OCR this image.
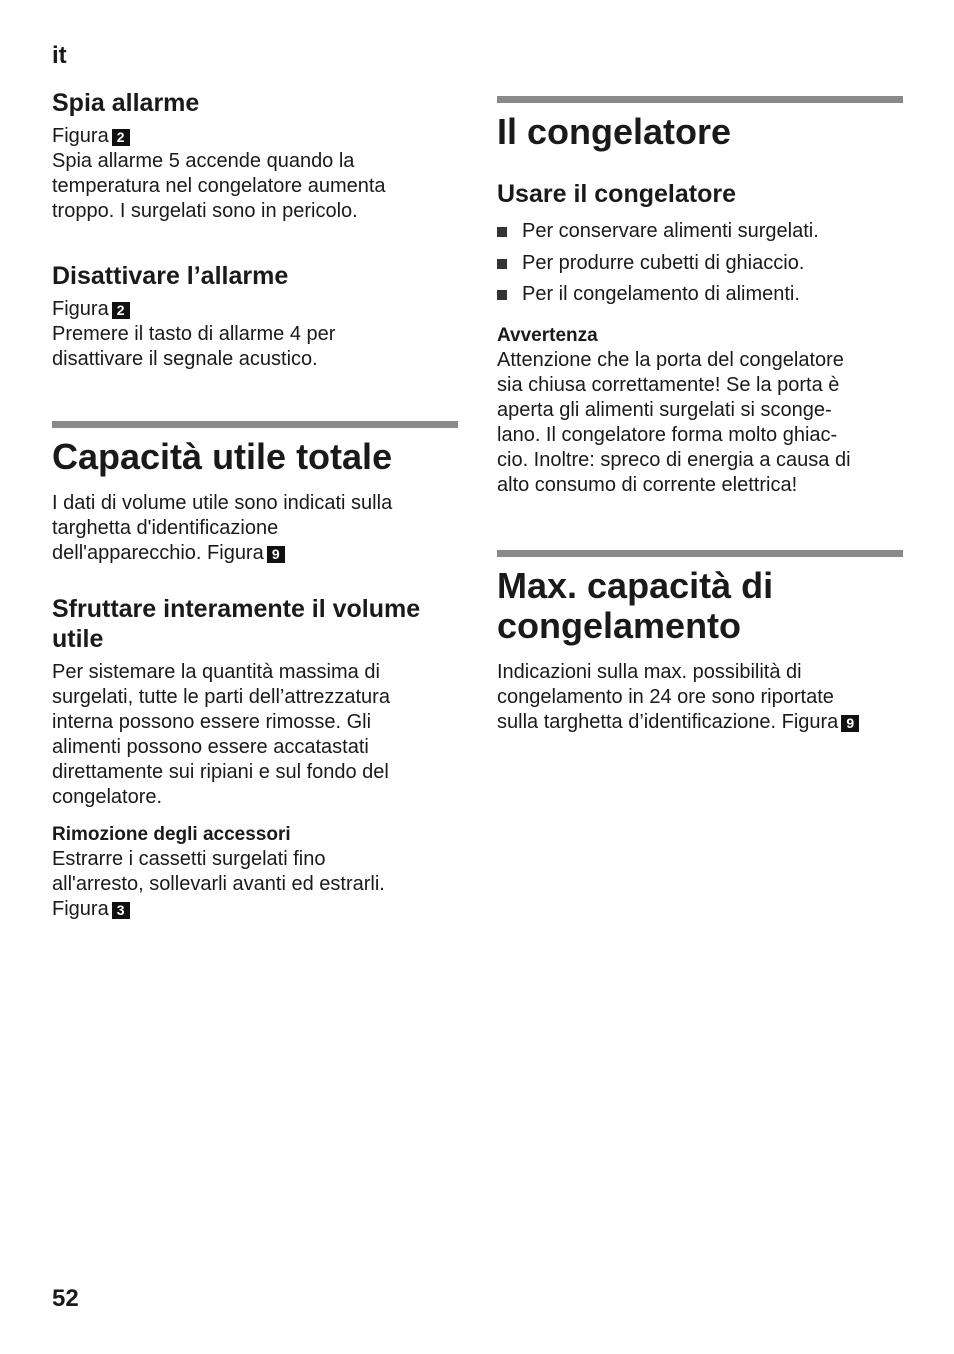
it
Spia allarme

Figura 2

Spia allarme 5 accende quando la

temperatura nel congelatore aumenta

troppo. I surgelati sono in pericolo.

Disattivare l’allarme

Figura 2

Premere il tasto di allarme 4 per

disattivare il segnale acustico.

Capacità utile totale

I dati di volume utile sono indicati sulla

targhetta d'identificazione

dell'apparecchio. Figura 9

Sfruttare interamente il volume
utile

Per sistemare la quantità massima di

surgelati, tutte le parti dell’attrezzatura

interna possono essere rimosse. Gli

alimenti possono essere accatastati

direttamente sui ripiani e sul fondo del

congelatore.

Rimozione degli accessori

Estrarre i cassetti surgelati fino

all'arresto, sollevarli avanti ed estrarli.

Figura 3

Il congelatore
Usare il congelatore
Per conservare alimenti surgelati.
Per produrre cubetti di ghiaccio.
Per il congelamento di alimenti.
Avvertenza

Attenzione che la porta del congelatore

sia chiusa correttamente! Se la porta è

aperta gli alimenti surgelati si sconge-

lano. Il congelatore forma molto ghiac-

cio. Inoltre: spreco di energia a causa di

alto consumo di corrente elettrica!

Max. capacità di
congelamento

Indicazioni sulla max. possibilità di

congelamento in 24 ore sono riportate

sulla targhetta d’identificazione. Figura 9

52
